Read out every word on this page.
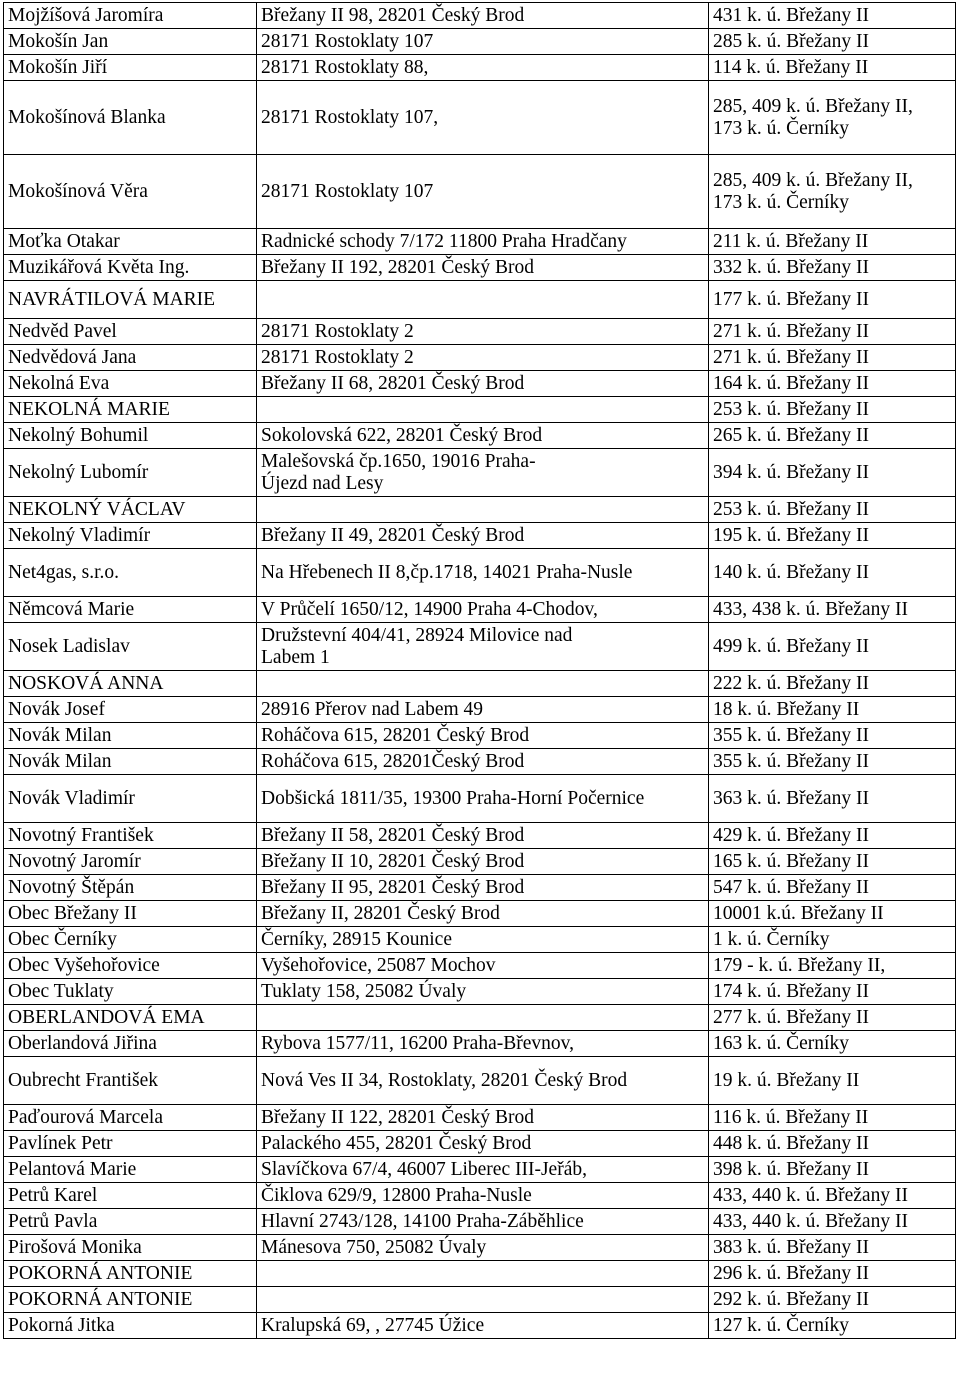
Mojžíšová Jaromíra	Břežany II 98, 28201 Český Brod	431 k. ú. Břežany II
Mokošín Jan	28171 Rostoklaty 107	285 k. ú. Břežany II
Mokošín Jiří	28171 Rostoklaty 88,	114 k. ú. Břežany II
Mokošínová Blanka	28171 Rostoklaty 107,	285, 409 k. ú. Břežany II,
173 k. ú. Černíky
Mokošínová Věra	28171 Rostoklaty 107	285, 409 k. ú. Břežany II,
173 k. ú. Černíky
Moťka Otakar	Radnické schody 7/172 11800 Praha Hradčany	211 k. ú. Břežany II
Muzikářová Květa Ing.	Břežany II 192, 28201 Český Brod	332 k. ú. Břežany II
NAVRÁTILOVÁ MARIE		177 k. ú. Břežany II
Nedvěd Pavel	28171 Rostoklaty 2	271 k. ú. Břežany II
Nedvědová Jana	28171 Rostoklaty 2	271 k. ú. Břežany II
Nekolná Eva	Břežany II 68, 28201 Český Brod	164 k. ú. Břežany II
NEKOLNÁ MARIE		253 k. ú. Břežany II
Nekolný Bohumil	Sokolovská 622, 28201 Český Brod	265 k. ú. Břežany II
Nekolný Lubomír	Malešovská čp.1650, 19016 Praha-Újezd nad Lesy	394 k. ú. Břežany II
NEKOLNÝ VÁCLAV		253 k. ú. Břežany II
Nekolný Vladimír	Břežany II 49, 28201 Český Brod	195 k. ú. Břežany II
Net4gas, s.r.o.	Na Hřebenech II 8,čp.1718, 14021 Praha-Nusle	140 k. ú. Břežany II
Němcová Marie	V Průčelí 1650/12, 14900 Praha 4-Chodov,	433, 438 k. ú. Břežany II
Nosek Ladislav	Družstevní 404/41, 28924 Milovice nad Labem 1	499 k. ú. Břežany II
NOSKOVÁ ANNA		222 k. ú. Břežany II
Novák Josef	28916 Přerov nad Labem 49	18 k. ú. Břežany II
Novák Milan	Roháčova 615, 28201 Český Brod	355 k. ú. Břežany II
Novák Milan	Roháčova 615, 28201Český Brod	355 k. ú. Břežany II
Novák Vladimír	Dobšická 1811/35, 19300 Praha-Horní Počernice	363 k. ú. Břežany II
Novotný František	Břežany II 58, 28201 Český Brod	429 k. ú. Břežany II
Novotný Jaromír	Břežany II 10, 28201 Český Brod	165 k. ú. Břežany II
Novotný Štěpán	Břežany II 95, 28201 Český Brod	547 k. ú. Břežany II
Obec Břežany II	Břežany II, 28201 Český Brod	10001 k.ú. Břežany II
Obec Černíky	Černíky, 28915 Kounice	1 k. ú. Černíky
Obec Vyšehořovice	Vyšehořovice, 25087 Mochov	179 - k. ú. Břežany II,
Obec Tuklaty	Tuklaty 158, 25082 Úvaly	174 k. ú. Břežany II
OBERLANDOVÁ EMA		277 k. ú. Břežany II
Oberlandová Jiřina	Rybova 1577/11, 16200 Praha-Břevnov,	163 k. ú. Černíky
Oubrecht František	Nová Ves II 34, Rostoklaty, 28201 Český Brod	19 k. ú. Břežany II
Paďourová Marcela	Břežany II 122, 28201 Český Brod	116 k. ú. Břežany II
Pavlínek Petr	Palackého 455, 28201 Český Brod	448 k. ú. Břežany II
Pelantová Marie	Slavíčkova 67/4, 46007 Liberec III-Jeřáb,	398 k. ú. Břežany II
Petrů Karel	Čiklova 629/9, 12800 Praha-Nusle	433, 440 k. ú. Břežany II
Petrů Pavla	Hlavní 2743/128, 14100 Praha-Záběhlice	433, 440 k. ú. Břežany II
Pirošová Monika	Mánesova 750, 25082 Úvaly	383 k. ú. Břežany II
POKORNÁ ANTONIE		296 k. ú. Břežany II
POKORNÁ ANTONIE		292 k. ú. Břežany II
Pokorná Jitka	Kralupská 69, , 27745 Úžice	127 k. ú. Černíky
